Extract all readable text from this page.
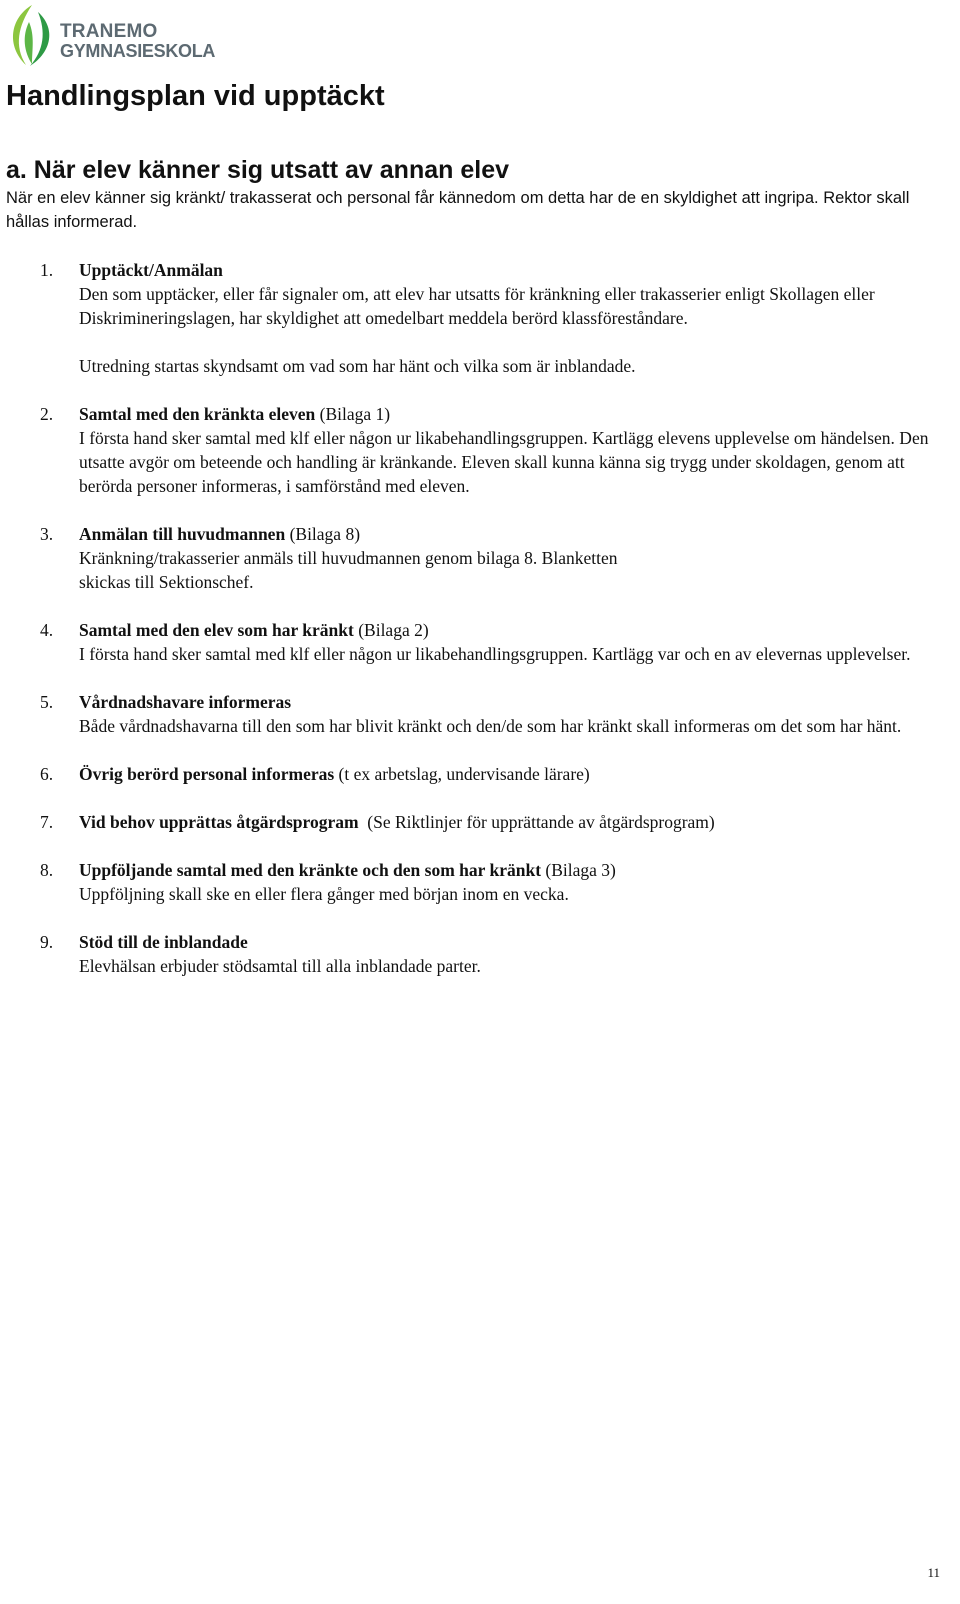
TRANEMO
GYMNASIESKOLA
Handlingsplan vid upptäckt
a. När elev känner sig utsatt av annan elev

När en elev känner sig kränkt/ trakasserat och personal får kännedom om detta har de en skyldighet att ingripa. Rektor skall hållas informerad.

1. Upptäckt/Anmälan
Den som upptäcker, eller får signaler om, att elev har utsatts för kränkning eller trakasserier enligt Skollagen eller Diskrimineringslagen, har skyldighet att omedelbart meddela berörd klassföreståndare.
Utredning startas skyndsamt om vad som har hänt och vilka som är inblandade.
2. Samtal med den kränkta eleven (Bilaga 1)
I första hand sker samtal med klf eller någon ur likabehandlingsgruppen. Kartlägg elevens upplevelse om händelsen. Den utsatte avgör om beteende och handling är kränkande. Eleven skall kunna känna sig trygg under skoldagen, genom att berörda personer informeras, i samförstånd med eleven.
3. Anmälan till huvudmannen (Bilaga 8)
Kränkning/trakasserier anmäls till huvudmannen genom bilaga 8. Blanketten skickas till Sektionschef.
4. Samtal med den elev som har kränkt (Bilaga 2)
I första hand sker samtal med klf eller någon ur likabehandlingsgruppen. Kartlägg var och en av elevernas upplevelser.
5. Vårdnadshavare informeras
Både vårdnadshavarna till den som har blivit kränkt och den/de som har kränkt skall informeras om det som har hänt.
6. Övrig berörd personal informeras (t ex arbetslag, undervisande lärare)
7. Vid behov upprättas åtgärdsprogram  (Se Riktlinjer för upprättande av åtgärdsprogram)
8. Uppföljande samtal med den kränkte och den som har kränkt (Bilaga 3)
Uppföljning skall ske en eller flera gånger med början inom en vecka.
9. Stöd till de inblandade
Elevhälsan erbjuder stödsamtal till alla inblandade parter.
11
